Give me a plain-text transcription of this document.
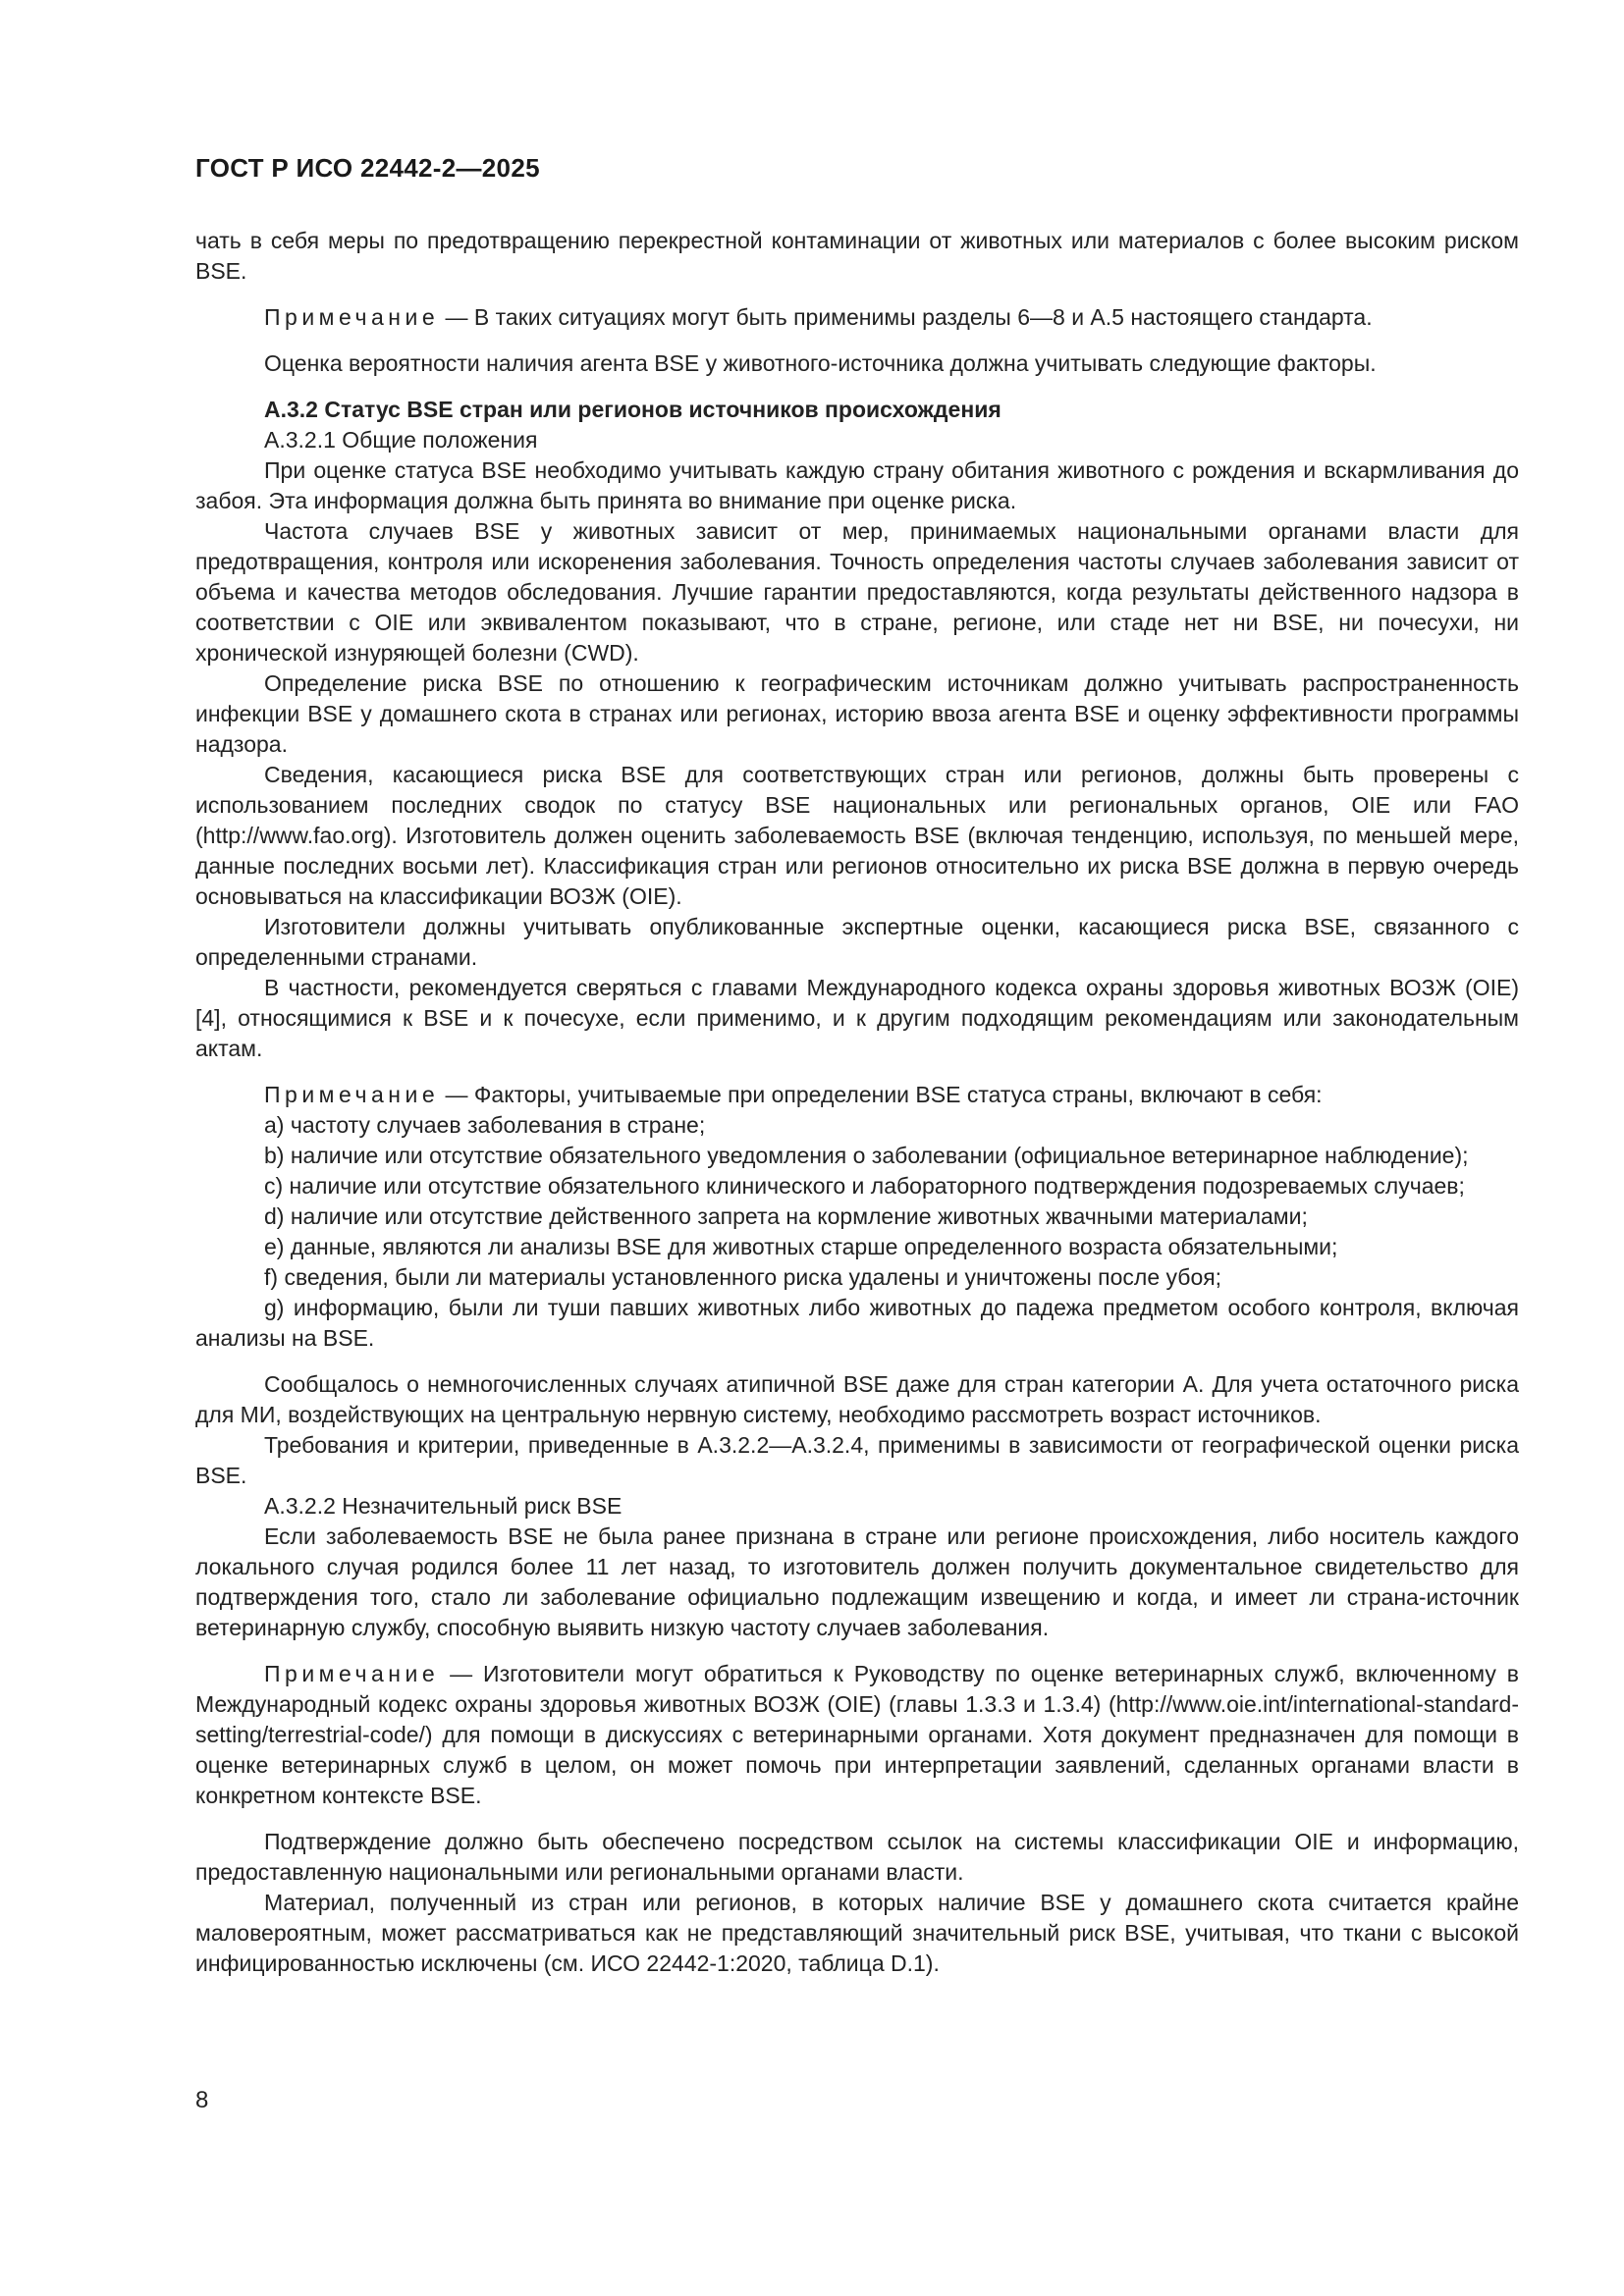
ГОСТ Р ИСО 22442-2—2025

чать в себя меры по предотвращению перекрестной контаминации от животных или материалов с более высоким риском BSE.

Примечание — В таких ситуациях могут быть применимы разделы 6—8 и А.5 настоящего стандарта.

Оценка вероятности наличия агента BSE у животного-источника должна учитывать следующие факторы.

А.3.2 Статус BSE стран или регионов источников происхождения

А.3.2.1 Общие положения

При оценке статуса BSE необходимо учитывать каждую страну обитания животного с рождения и вскармливания до забоя. Эта информация должна быть принята во внимание при оценке риска.

Частота случаев BSE у животных зависит от мер, принимаемых национальными органами власти для предотвращения, контроля или искоренения заболевания. Точность определения частоты случаев заболевания зависит от объема и качества методов обследования. Лучшие гарантии предоставляются, когда результаты действенного надзора в соответствии с OIE или эквивалентом показывают, что в стране, регионе, или стаде нет ни BSE, ни почесухи, ни хронической изнуряющей болезни (CWD).

Определение риска BSE по отношению к географическим источникам должно учитывать распространенность инфекции BSE у домашнего скота в странах или регионах, историю ввоза агента BSE и оценку эффективности программы надзора.

Сведения, касающиеся риска BSE для соответствующих стран или регионов, должны быть проверены с использованием последних сводок по статусу BSE национальных или региональных органов, OIE или FAO (http://www.fao.org). Изготовитель должен оценить заболеваемость BSE (включая тенденцию, используя, по меньшей мере, данные последних восьми лет). Классификация стран или регионов относительно их риска BSE должна в первую очередь основываться на классификации ВОЗЖ (OIE).

Изготовители должны учитывать опубликованные экспертные оценки, касающиеся риска BSE, связанного с определенными странами.

В частности, рекомендуется сверяться с главами Международного кодекса охраны здоровья животных ВОЗЖ (OIE) [4], относящимися к BSE и к почесухе, если применимо, и к другим подходящим рекомендациям или законодательным актам.

Примечание — Факторы, учитываемые при определении BSE статуса страны, включают в себя:

a) частоту случаев заболевания в стране;

b) наличие или отсутствие обязательного уведомления о заболевании (официальное ветеринарное наблюдение);

c) наличие или отсутствие обязательного клинического и лабораторного подтверждения подозреваемых случаев;

d) наличие или отсутствие действенного запрета на кормление животных жвачными материалами;

e) данные, являются ли анализы BSE для животных старше определенного возраста обязательными;

f) сведения, были ли материалы установленного риска удалены и уничтожены после убоя;

g) информацию, были ли туши павших животных либо животных до падежа предметом особого контроля, включая анализы на BSE.

Сообщалось о немногочисленных случаях атипичной BSE даже для стран категории А. Для учета остаточного риска для МИ, воздействующих на центральную нервную систему, необходимо рассмотреть возраст источников.

Требования и критерии, приведенные в А.3.2.2—А.3.2.4, применимы в зависимости от географической оценки риска BSE.

А.3.2.2 Незначительный риск BSE

Если заболеваемость BSE не была ранее признана в стране или регионе происхождения, либо носитель каждого локального случая родился более 11 лет назад, то изготовитель должен получить документальное свидетельство для подтверждения того, стало ли заболевание официально подлежащим извещению и когда, и имеет ли страна-источник ветеринарную службу, способную выявить низкую частоту случаев заболевания.

Примечание — Изготовители могут обратиться к Руководству по оценке ветеринарных служб, включенному в Международный кодекс охраны здоровья животных ВОЗЖ (OIE) (главы 1.3.3 и 1.3.4) (http://www.oie.int/international-standard-setting/terrestrial-code/) для помощи в дискуссиях с ветеринарными органами. Хотя документ предназначен для помощи в оценке ветеринарных служб в целом, он может помочь при интерпретации заявлений, сделанных органами власти в конкретном контексте BSE.

Подтверждение должно быть обеспечено посредством ссылок на системы классификации OIE и информацию, предоставленную национальными или региональными органами власти.

Материал, полученный из стран или регионов, в которых наличие BSE у домашнего скота считается крайне маловероятным, может рассматриваться как не представляющий значительный риск BSE, учитывая, что ткани с высокой инфицированностью исключены (см. ИСО 22442-1:2020, таблица D.1).

8
